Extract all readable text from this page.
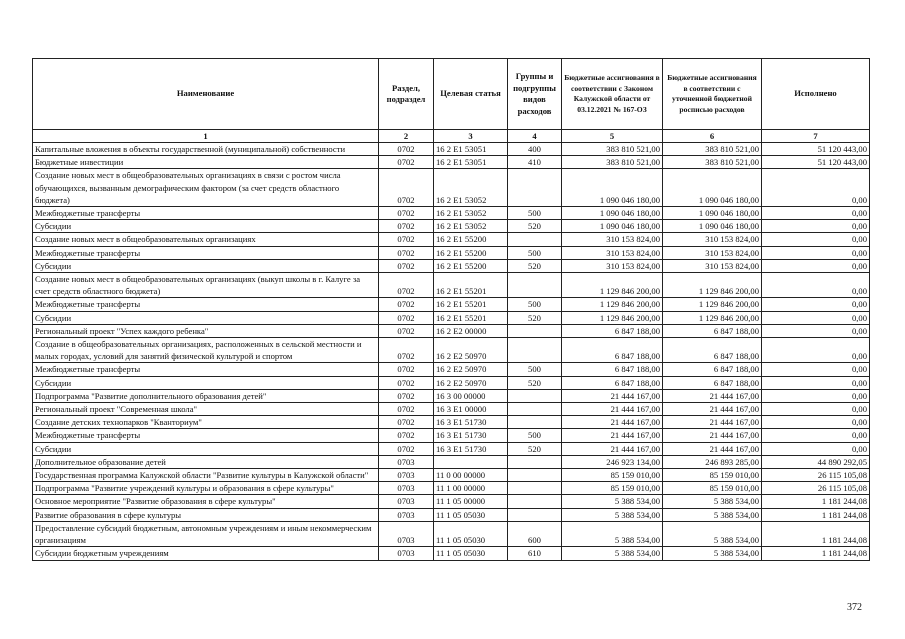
Наименование	Раздел, подраздел	Целевая статья	Группы и подгруппы видов расходов	Бюджетные ассигнования в соответствии с Законом Калужской области от 03.12.2021 № 167-ОЗ	Бюджетные ассигнования в соответствии с уточненной бюджетной росписью расходов	Исполнено
1	2	3	4	5	6	7
Капитальные вложения в объекты государственной (муниципальной) собственности	0702	16 2 E1 53051	400	383 810 521,00	383 810 521,00	51 120 443,00
Бюджетные инвестиции	0702	16 2 E1 53051	410	383 810 521,00	383 810 521,00	51 120 443,00
Создание новых мест в общеобразовательных организациях в связи с ростом числа обучающихся, вызванным демографическим фактором (за счет средств областного бюджета)	0702	16 2 E1 53052		1 090 046 180,00	1 090 046 180,00	0,00
Межбюджетные трансферты	0702	16 2 E1 53052	500	1 090 046 180,00	1 090 046 180,00	0,00
Субсидии	0702	16 2 E1 53052	520	1 090 046 180,00	1 090 046 180,00	0,00
Создание новых мест в общеобразовательных организациях	0702	16 2 E1 55200		310 153 824,00	310 153 824,00	0,00
Межбюджетные трансферты	0702	16 2 E1 55200	500	310 153 824,00	310 153 824,00	0,00
Субсидии	0702	16 2 E1 55200	520	310 153 824,00	310 153 824,00	0,00
Создание новых мест в общеобразовательных организациях (выкуп школы в г. Калуге за счет средств областного бюджета)	0702	16 2 E1 55201		1 129 846 200,00	1 129 846 200,00	0,00
Межбюджетные трансферты	0702	16 2 E1 55201	500	1 129 846 200,00	1 129 846 200,00	0,00
Субсидии	0702	16 2 E1 55201	520	1 129 846 200,00	1 129 846 200,00	0,00
Региональный проект "Успех каждого ребенка"	0702	16 2 E2 00000		6 847 188,00	6 847 188,00	0,00
Создание в общеобразовательных организациях, расположенных в сельской местности и малых городах, условий для занятий физической культурой и спортом	0702	16 2 E2 50970		6 847 188,00	6 847 188,00	0,00
Межбюджетные трансферты	0702	16 2 E2 50970	500	6 847 188,00	6 847 188,00	0,00
Субсидии	0702	16 2 E2 50970	520	6 847 188,00	6 847 188,00	0,00
Подпрограмма "Развитие дополнительного образования детей"	0702	16 3 00 00000		21 444 167,00	21 444 167,00	0,00
Региональный проект "Современная школа"	0702	16 3 E1 00000		21 444 167,00	21 444 167,00	0,00
Создание детских технопарков "Кванториум"	0702	16 3 E1 51730		21 444 167,00	21 444 167,00	0,00
Межбюджетные трансферты	0702	16 3 E1 51730	500	21 444 167,00	21 444 167,00	0,00
Субсидии	0702	16 3 E1 51730	520	21 444 167,00	21 444 167,00	0,00
Дополнительное образование детей	0703			246 923 134,00	246 893 285,00	44 890 292,05
Государственная программа Калужской области "Развитие культуры в Калужской области"	0703	11 0 00 00000		85 159 010,00	85 159 010,00	26 115 105,08
Подпрограмма "Развитие учреждений культуры и образования в сфере культуры"	0703	11 1 00 00000		85 159 010,00	85 159 010,00	26 115 105,08
Основное мероприятие "Развитие образования в сфере культуры"	0703	11 1 05 00000		5 388 534,00	5 388 534,00	1 181 244,08
Развитие образования в сфере культуры	0703	11 1 05 05030		5 388 534,00	5 388 534,00	1 181 244,08
Предоставление субсидий бюджетным, автономным учреждениям и иным некоммерческим организациям	0703	11 1 05 05030	600	5 388 534,00	5 388 534,00	1 181 244,08
Субсидии бюджетным учреждениям	0703	11 1 05 05030	610	5 388 534,00	5 388 534,00	1 181 244,08
372
